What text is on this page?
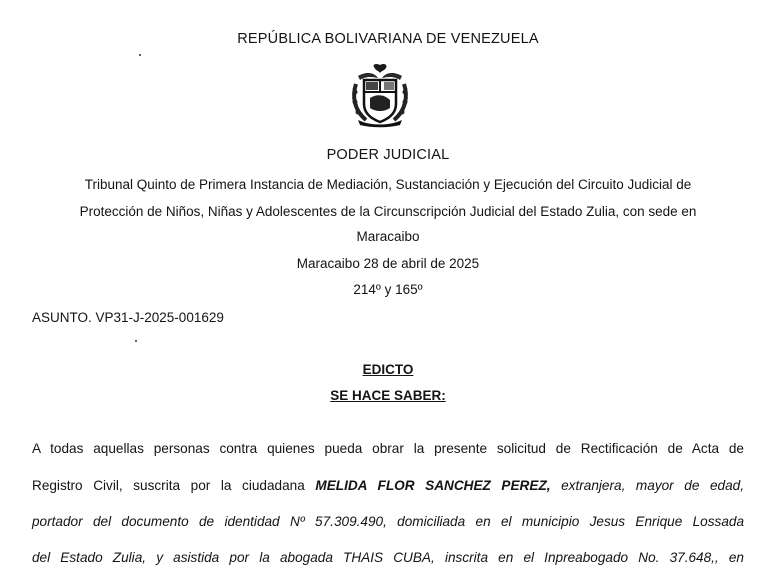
REPÚBLICA BOLIVARIANA DE VENEZUELA
PODER JUDICIAL
Tribunal Quinto de Primera Instancia de Mediación, Sustanciación y Ejecución del Circuito Judicial de
Protección de Niños, Niñas y Adolescentes de la Circunscripción Judicial del Estado Zulia, con sede en
Maracaibo
Maracaibo 28 de abril de 2025
214º y 165º
ASUNTO. VP31-J-2025-001629
EDICTO
SE HACE SABER:
A todas aquellas personas contra quienes pueda obrar la presente solicitud de Rectificación de Acta de
Registro Civil, suscrita por la ciudadana MELIDA FLOR SANCHEZ PEREZ, extranjera, mayor de edad,
portador del documento de identidad Nº 57.309.490, domiciliada en el municipio Jesus Enrique Lossada
del Estado Zulia, y asistida por la abogada THAIS CUBA, inscrita en el Inpreabogado No. 37.648,, en
